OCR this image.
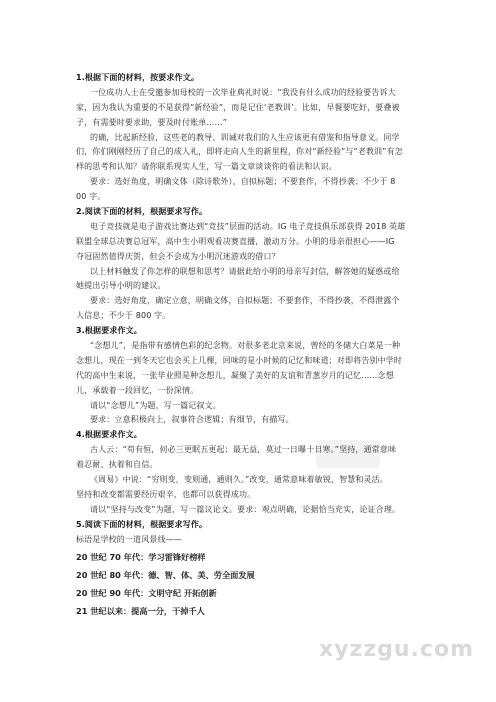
1.根据下面的材料，按要求作文。
一位成功人士在受邀参加母校的一次毕业典礼时说：“我没有什么成功的经验要告诉大
家，因为我认为重要的不是获得“新经验”，而是记住‘老教训’。比如，早餐要吃好，要叠被
子，有需要时要求助，要及时付账单……”
的确，比起新经验，这些老的教导、训诫对我们的人生应该更有借鉴和指导意义。同学
们，你们刚刚经历了自己的成人礼，即将走向人生的新里程，你对“新经验”与“老教训”有怎
样的思考和认知？请你联系现实人生，写一篇文章谈谈你的看法和认识。
要求：选好角度，明确文体（除诗歌外），自拟标题；不要套作，不得抄袭；不少于 8
00 字。
2.阅读下面的材料，根据要求写作。
电子竞技就是电子游戏比赛达到“竞技”层面的活动。IG 电子竞技俱乐部获得 2018 英雄
联盟全球总决赛总冠军，高中生小明观看决赛直播，激动万分。小明的母亲很担心——IG
夺冠固然值得庆贺，但会不会成为小明沉迷游戏的借口？
以上材料触发了你怎样的联想和思考？请据此给小明的母亲写封信，解答她的疑惑或给
她提出引导小明的建议。
要求：选好角度，确定立意，明确文体，自拟标题；不要套作，不得抄袭，不得泄露个
人信息；不少于 800 字。
3.根据要求作文。
“念想儿”，是指带有感情色彩的纪念物。对很多老北京来说，曾经的冬储大白菜是一种
念想儿，现在一到冬天它也会买上几棵，回味的是小时候的记忆和味道；对即将告别中学时
代的高中生来说，一张毕业照是种念想儿，凝聚了美好的友谊和青葱岁月的记忆……念想
儿，承载着一段回忆，一份深情。
请以“念想儿”为题，写一篇记叙文。
要求：立意积极向上，叙事符合逻辑；有细节，有描写。
4.根据要求作文。
古人云：“苟有恒，何必三更眠五更起；最无益，莫过一日曝十日寒。”坚持，通常意味
着忍耐、执着和自信。
《周易》中说：“穷则变，变则通，通则久。”改变，通常意味着敏锐、智慧和灵活。
坚持和改变都需要经历艰辛，也都可以获得成功。
请以“坚持与改变”为题，写一篇议论文。要求：观点明确，论据恰当充实，论证合理。
5.阅读下面的材料，根据要求写作。
标语是学校的一道风景线——
20 世纪 70 年代：学习雷锋好榜样
20 世纪 80 年代：德、智、体、美、劳全面发展
20 世纪 90 年代：文明守纪 开拓创新
21 世纪以来：提高一分，干掉千人
xyzzgu.com
